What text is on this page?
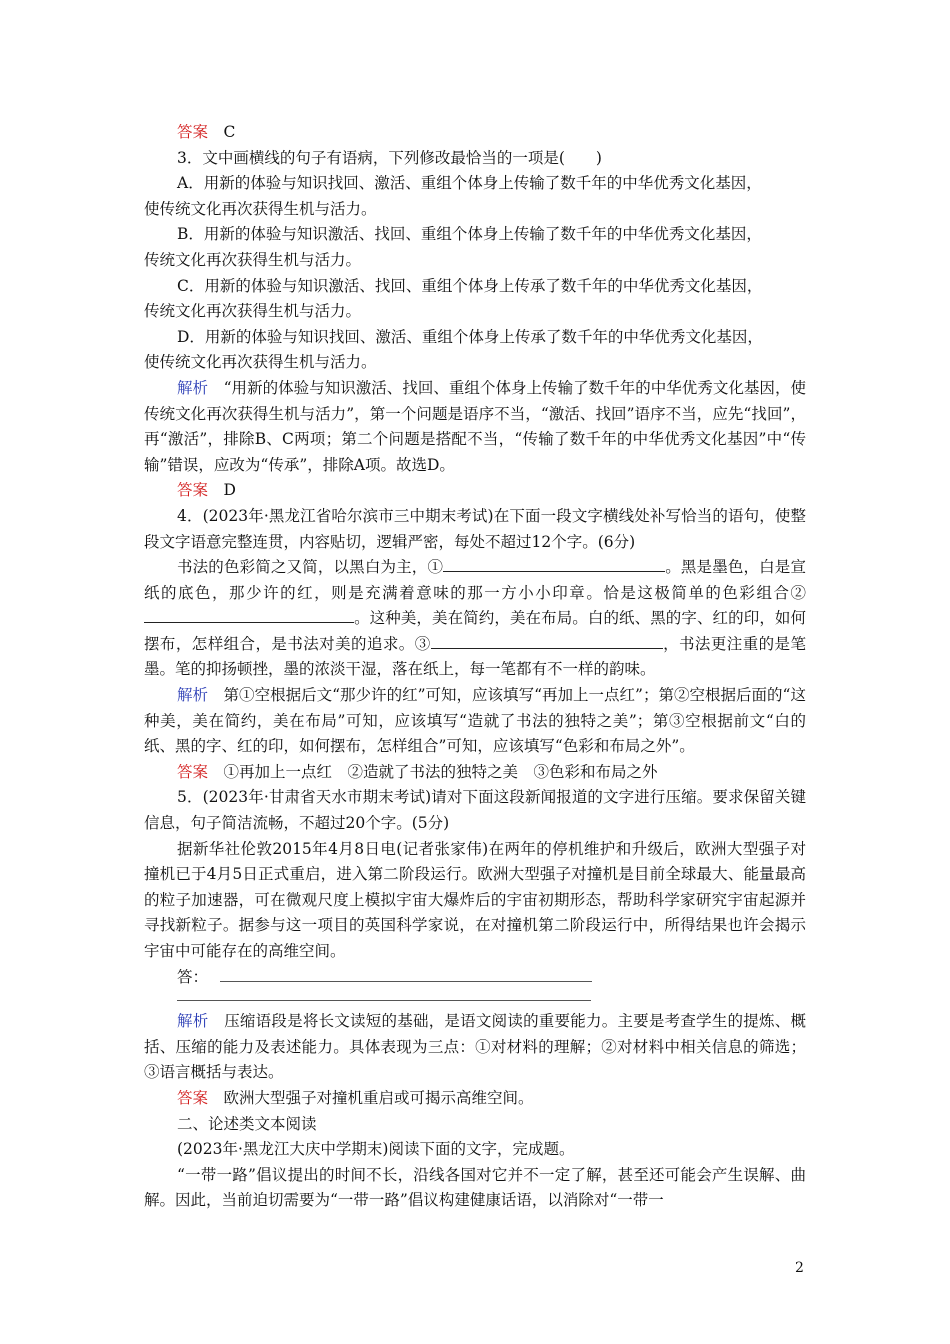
答案　 C

3．文中画横线的句子有语病，下列修改最恰当的一项是(　　)

A．用新的体验与知识找回、激活、重组个体身上传输了数千年的中华优秀文化基因，

使传统文化再次获得生机与活力。

B．用新的体验与知识激活、找回、重组个体身上传输了数千年的中华优秀文化基因，

传统文化再次获得生机与活力。

C．用新的体验与知识激活、找回、重组个体身上传承了数千年的中华优秀文化基因，

传统文化再次获得生机与活力。

D．用新的体验与知识找回、激活、重组个体身上传承了数千年的中华优秀文化基因，

使传统文化再次获得生机与活力。

解析　 “用新的体验与知识激活、找回、重组个体身上传输了数千年的中华优秀文化基因，使传统文化再次获得生机与活力”，第一个问题是语序不当，“激活、找回”语序不当，应先“找回”，再“激活”，排除B、C两项；第二个问题是搭配不当，“传输了数千年的中华优秀文化基因”中“传输”错误，应改为“传承”，排除A项。故选D。

答案　 D

4．(2023年·黑龙江省哈尔滨市三中期末考试)在下面一段文字横线处补写恰当的语句，使整段文字语意完整连贯，内容贴切，逻辑严密，每处不超过12个字。(6分)

书法的色彩简之又简，以黑白为主，①	。黑是墨色，白是宣纸的底色，那少许的红，则是充满着意味的那一方小小印章。恰是这极简单的色彩组合②。这种美，美在简约，美在布局。白的纸、黑的字、红的印，如何摆布，怎样组合，是书法对美的追求。③	，书法更注重的是笔墨。笔的抑扬顿挫，墨的浓淡干湿，落在纸上，每一笔都有不一样的韵味。

解析　 第①空根据后文“那少许的红”可知，应该填写“再加上一点红”；第②空根据后面的“这种美，美在简约，美在布局”可知，应该填写“造就了书法的独特之美”；第③空根据前文“白的纸、黑的字、红的印，如何摆布，怎样组合”可知，应该填写“色彩和布局之外”。

答案　 ①再加上一点红　②造就了书法的独特之美　③色彩和布局之外

5．(2023年·甘肃省天水市期末考试)请对下面这段新闻报道的文字进行压缩。要求保留关键信息，句子简洁流畅，不超过20个字。(5分)

据新华社伦敦2015年4月8日电(记者张家伟)在两年的停机维护和升级后，欧洲大型强子对撞机已于4月5日正式重启，进入第二阶段运行。欧洲大型强子对撞机是目前全球最大、能量最高的粒子加速器，可在微观尺度上模拟宇宙大爆炸后的宇宙初期形态，帮助科学家研究宇宙起源并寻找新粒子。据参与这一项目的英国科学家说，在对撞机第二阶段运行中，所得结果也许会揭示宇宙中可能存在的高维空间。

答：

解析　 压缩语段是将长文读短的基础，是语文阅读的重要能力。主要是考查学生的提炼、概括、压缩的能力及表述能力。具体表现为三点：①对材料的理解；②对材料中相关信息的筛选；③语言概括与表达。

答案　 欧洲大型强子对撞机重启或可揭示高维空间。

二、论述类文本阅读

(2023年·黑龙江大庆中学期末)阅读下面的文字，完成题。

“一带一路”倡议提出的时间不长，沿线各国对它并不一定了解，甚至还可能会产生误解、曲解。因此，当前迫切需要为“一带一路”倡议构建健康话语，以消除对“一带一

2
